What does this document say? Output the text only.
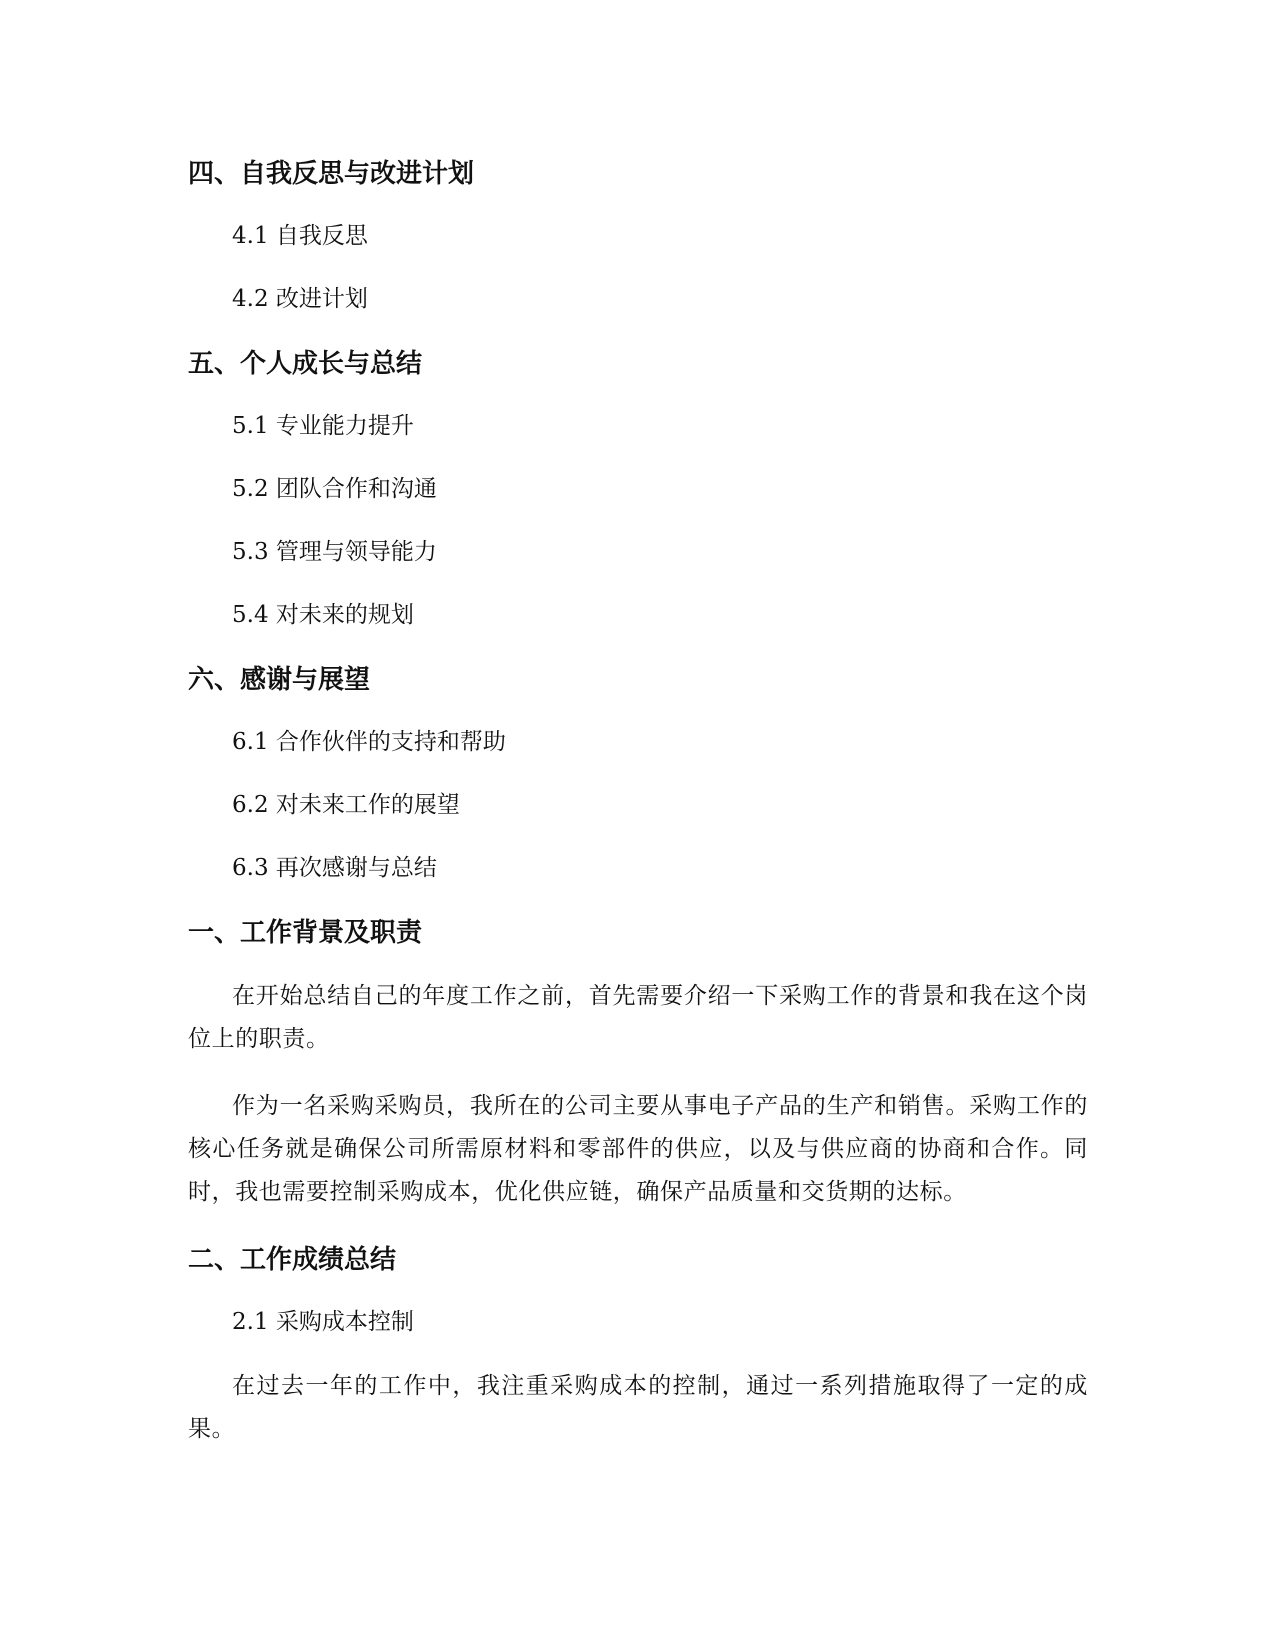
四、自我反思与改进计划

4.1 自我反思

4.2 改进计划

五、个人成长与总结

5.1 专业能力提升

5.2 团队合作和沟通

5.3 管理与领导能力

5.4 对未来的规划

六、感谢与展望

6.1 合作伙伴的支持和帮助

6.2 对未来工作的展望

6.3 再次感谢与总结

一、工作背景及职责

在开始总结自己的年度工作之前，首先需要介绍一下采购工作的背景和我在这个岗位上的职责。

作为一名采购采购员，我所在的公司主要从事电子产品的生产和销售。采购工作的核心任务就是确保公司所需原材料和零部件的供应，以及与供应商的协商和合作。同时，我也需要控制采购成本，优化供应链，确保产品质量和交货期的达标。

二、工作成绩总结

2.1 采购成本控制

在过去一年的工作中，我注重采购成本的控制，通过一系列措施取得了一定的成果。
